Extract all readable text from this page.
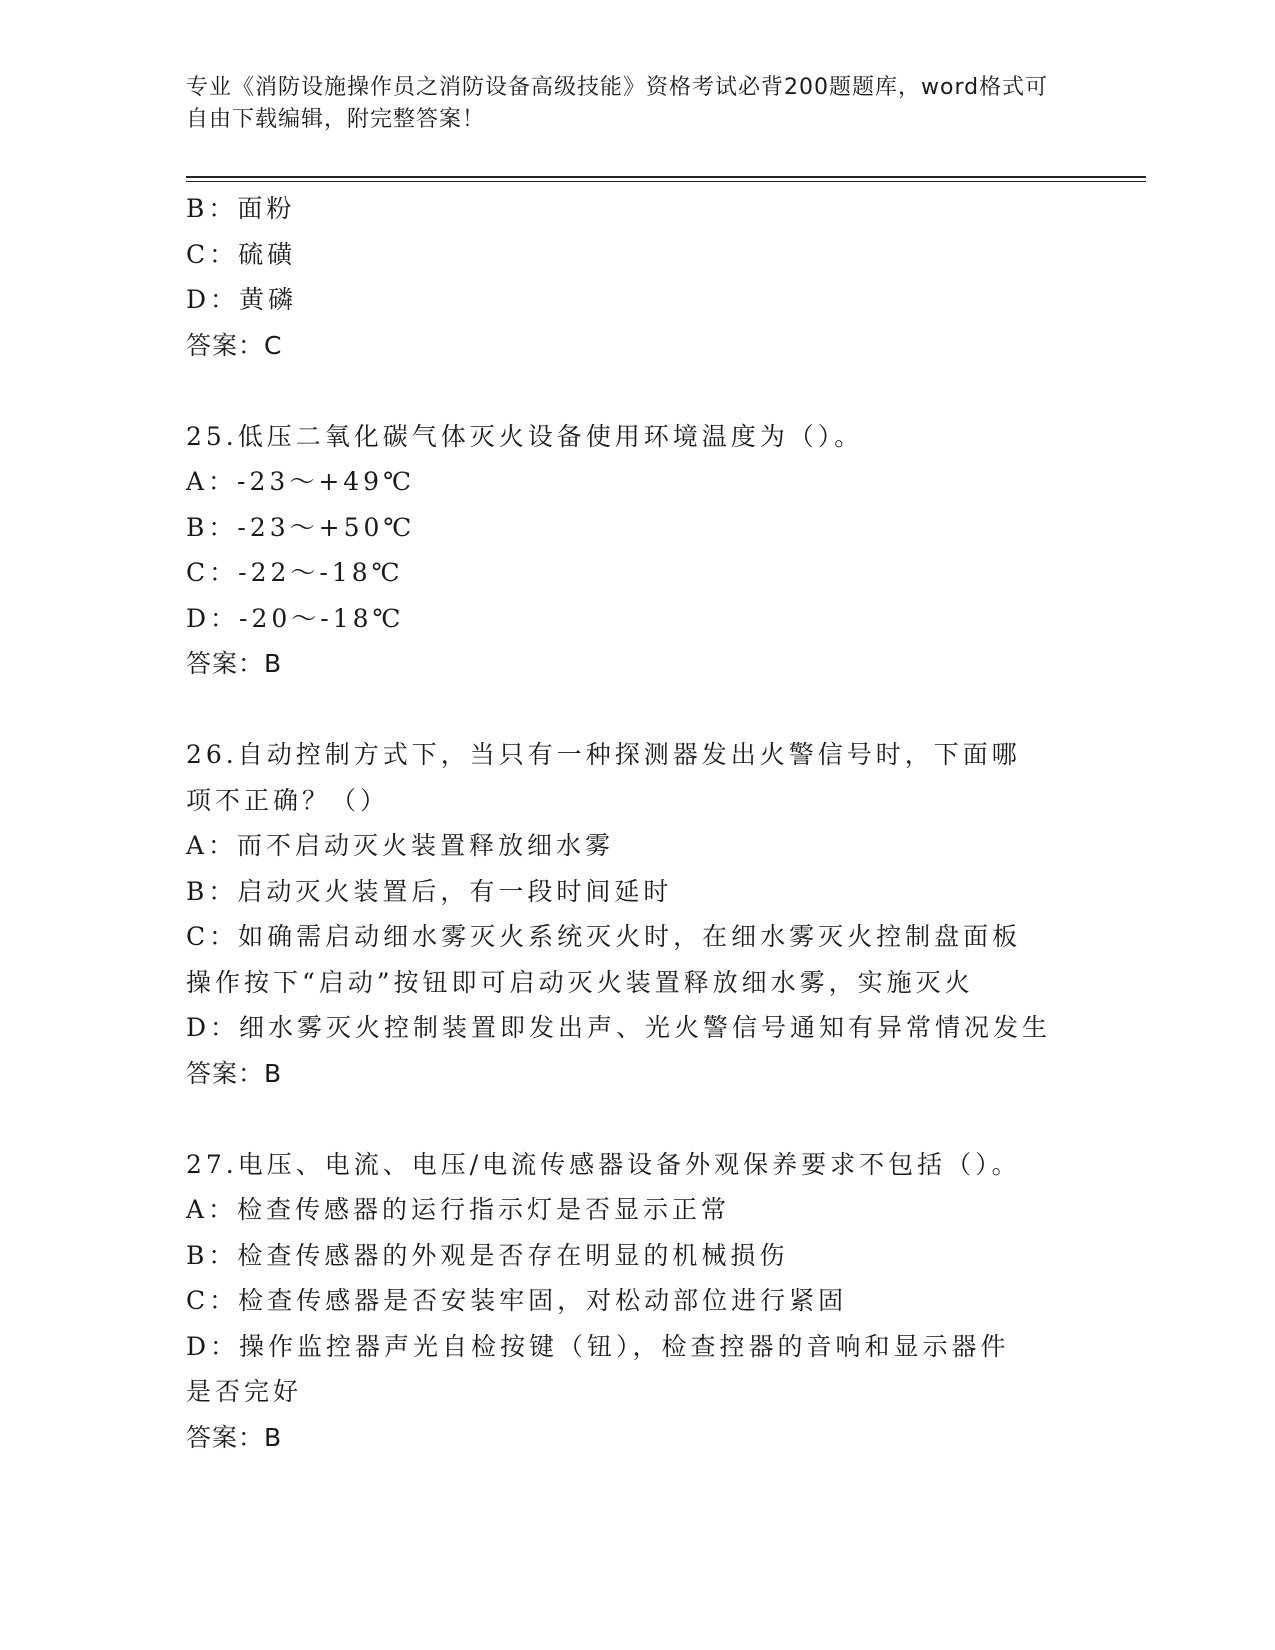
专业《消防设施操作员之消防设备高级技能》资格考试必背200题题库，word格式可自由下载编辑，附完整答案！
B：面粉
C：硫磺
D：黄磷
答案：C
25.低压二氧化碳气体灭火设备使用环境温度为（）。
A：-23～+49℃
B：-23～+50℃
C：-22～-18℃
D：-20～-18℃
答案：B
26.自动控制方式下，当只有一种探测器发出火警信号时，下面哪项不正确？（）
A：而不启动灭火装置释放细水雾
B：启动灭火装置后，有一段时间延时
C：如确需启动细水雾灭火系统灭火时，在细水雾灭火控制盘面板操作按下“启动”按钮即可启动灭火装置释放细水雾，实施灭火
D：细水雾灭火控制装置即发出声、光火警信号通知有异常情况发生
答案：B
27.电压、电流、电压/电流传感器设备外观保养要求不包括（）。
A：检查传感器的运行指示灯是否显示正常
B：检查传感器的外观是否存在明显的机械损伤
C：检查传感器是否安装牢固，对松动部位进行紧固
D：操作监控器声光自检按键（钮），检查控器的音响和显示器件是否完好
答案：B
